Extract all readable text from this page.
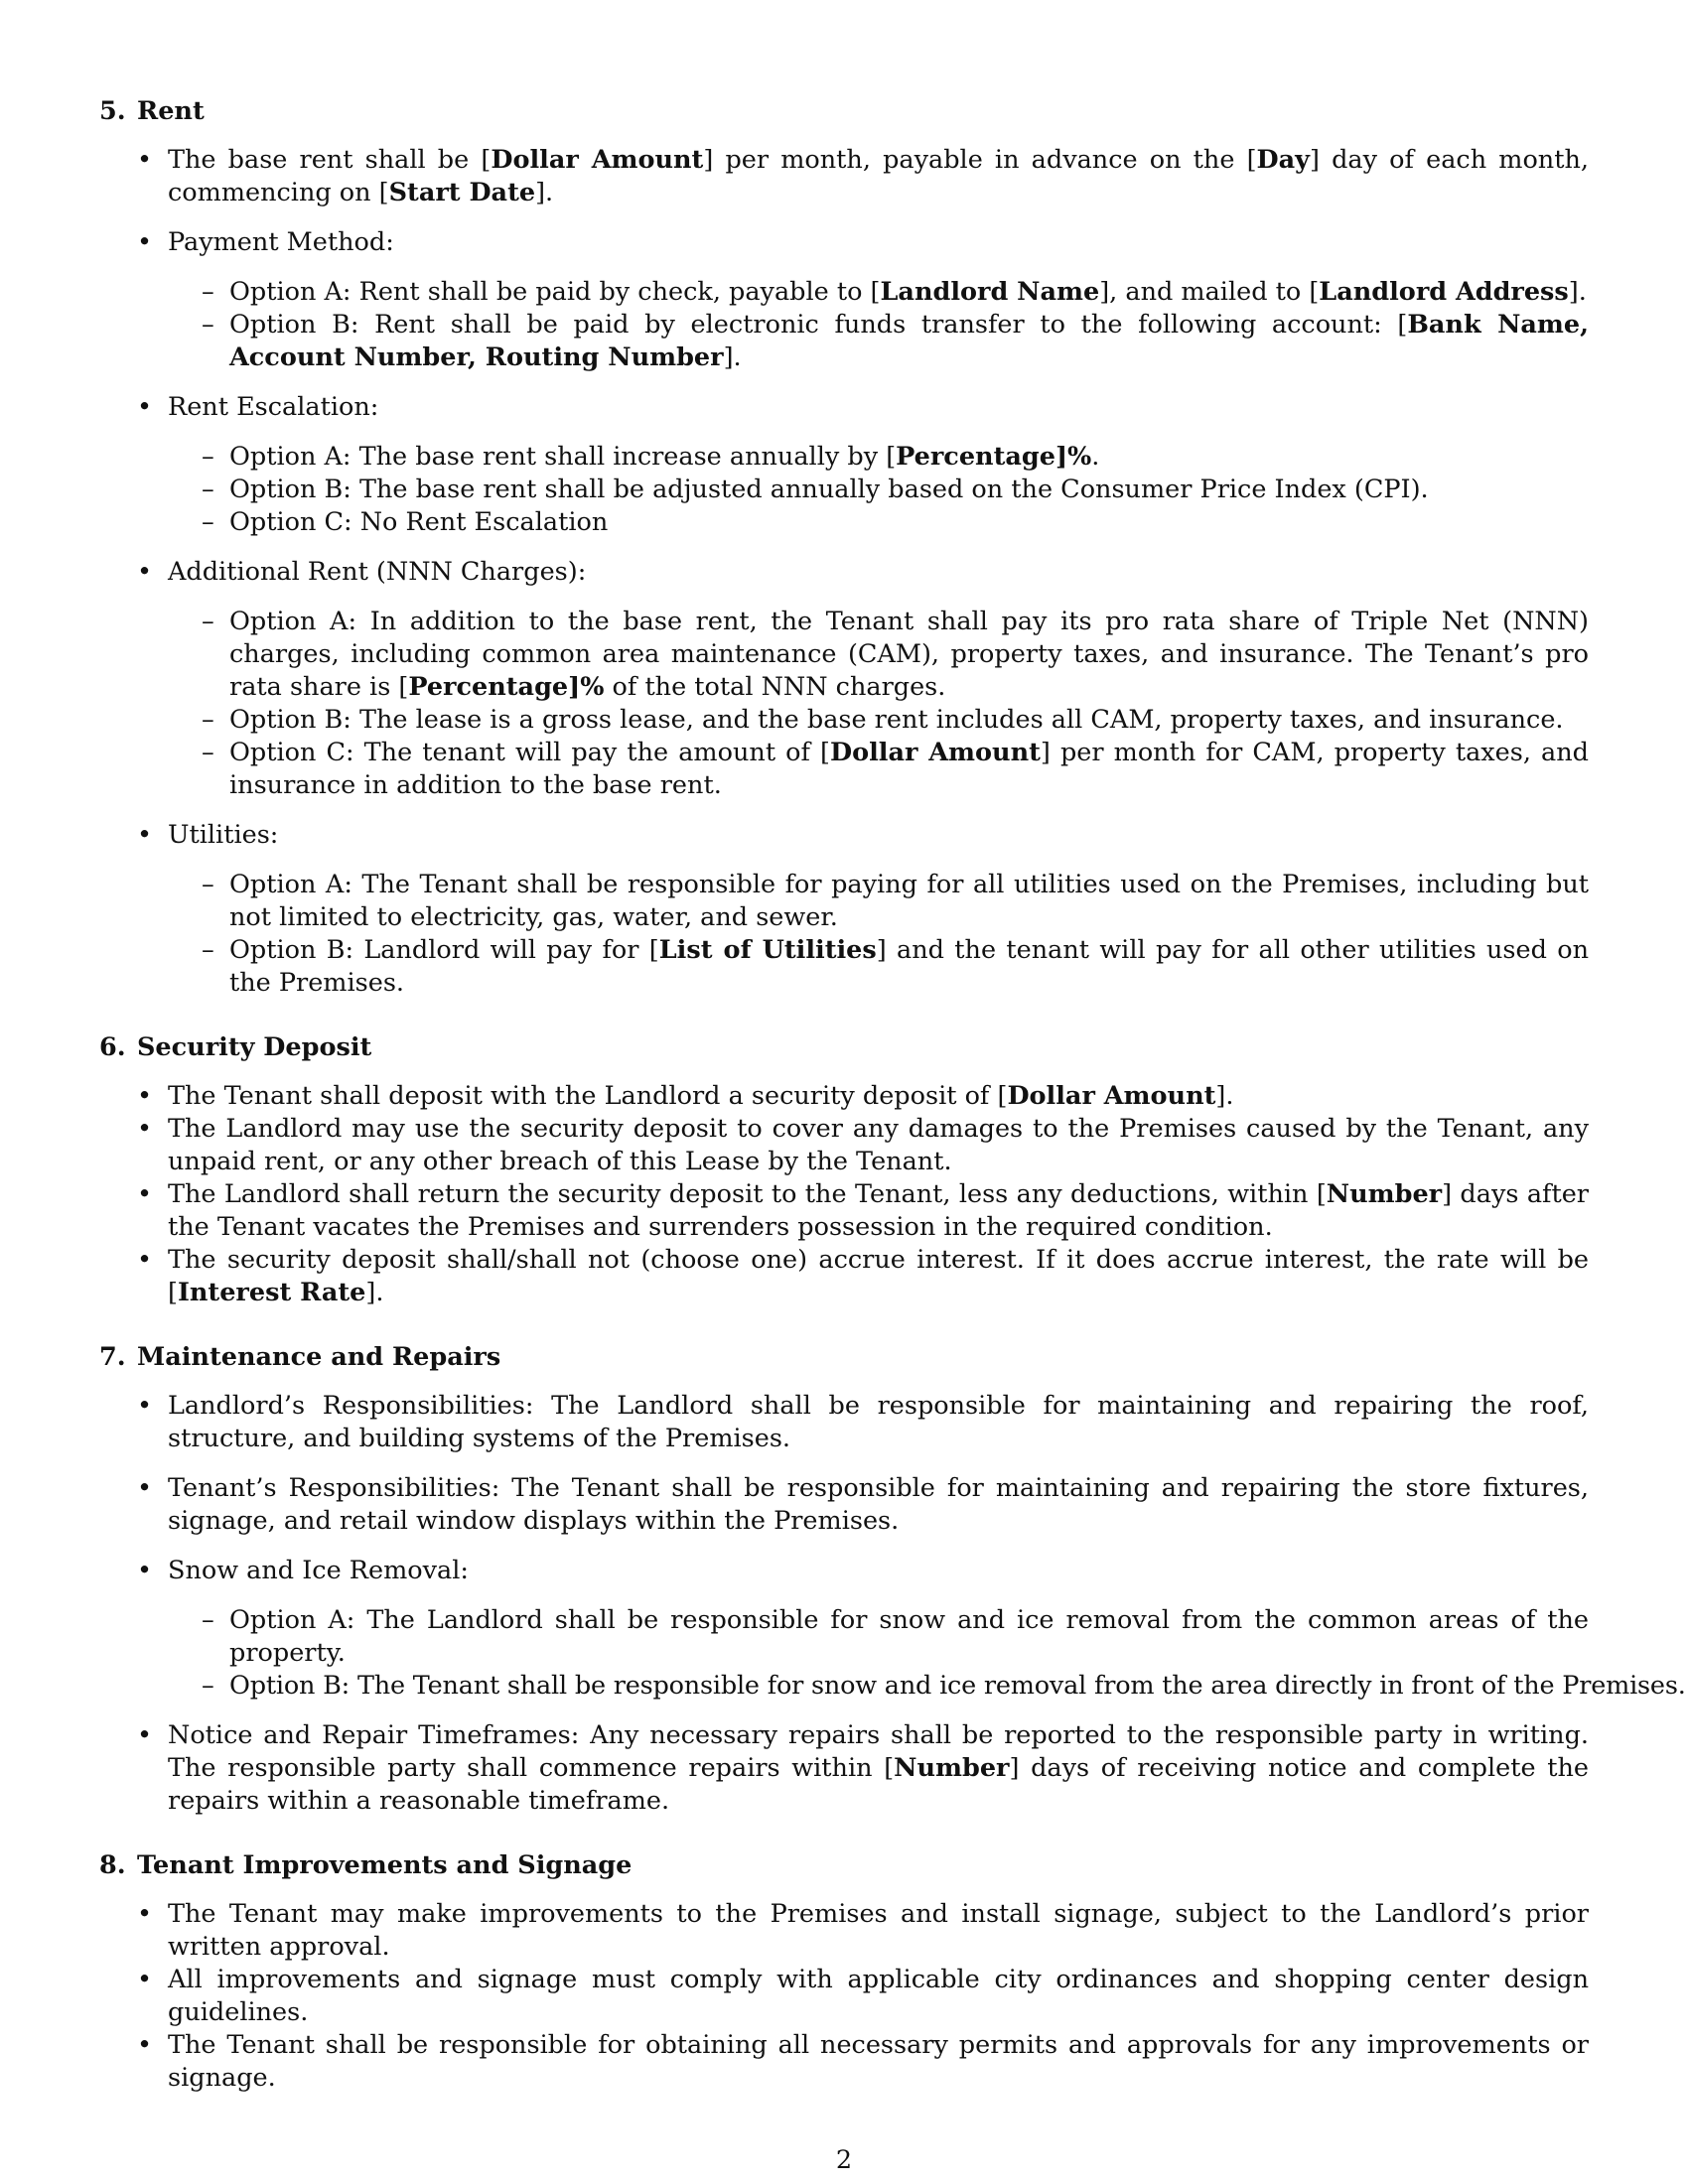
5. Rent
• The base rent shall be [Dollar Amount] per month, payable in advance on the [Day] day of each month, commencing on [Start Date].
• Payment Method:
– Option A: Rent shall be paid by check, payable to [Landlord Name], and mailed to [Landlord Address].
– Option B: Rent shall be paid by electronic funds transfer to the following account: [Bank Name, Account Number, Routing Number].
• Rent Escalation:
– Option A: The base rent shall increase annually by [Percentage]%.
– Option B: The base rent shall be adjusted annually based on the Consumer Price Index (CPI).
– Option C: No Rent Escalation
• Additional Rent (NNN Charges):
– Option A: In addition to the base rent, the Tenant shall pay its pro rata share of Triple Net (NNN) charges, including common area maintenance (CAM), property taxes, and insurance. The Tenant’s pro rata share is [Percentage]% of the total NNN charges.
– Option B: The lease is a gross lease, and the base rent includes all CAM, property taxes, and insurance.
– Option C: The tenant will pay the amount of [Dollar Amount] per month for CAM, property taxes, and insurance in addition to the base rent.
• Utilities:
– Option A: The Tenant shall be responsible for paying for all utilities used on the Premises, including but not limited to electricity, gas, water, and sewer.
– Option B: Landlord will pay for [List of Utilities] and the tenant will pay for all other utilities used on the Premises.
6. Security Deposit
• The Tenant shall deposit with the Landlord a security deposit of [Dollar Amount].
• The Landlord may use the security deposit to cover any damages to the Premises caused by the Tenant, any unpaid rent, or any other breach of this Lease by the Tenant.
• The Landlord shall return the security deposit to the Tenant, less any deductions, within [Number] days after the Tenant vacates the Premises and surrenders possession in the required condition.
• The security deposit shall/shall not (choose one) accrue interest. If it does accrue interest, the rate will be [Interest Rate].
7. Maintenance and Repairs
• Landlord’s Responsibilities: The Landlord shall be responsible for maintaining and repairing the roof, structure, and building systems of the Premises.
• Tenant’s Responsibilities: The Tenant shall be responsible for maintaining and repairing the store fixtures, signage, and retail window displays within the Premises.
• Snow and Ice Removal:
– Option A: The Landlord shall be responsible for snow and ice removal from the common areas of the property.
– Option B: The Tenant shall be responsible for snow and ice removal from the area directly in front of the Premises.
• Notice and Repair Timeframes: Any necessary repairs shall be reported to the responsible party in writing. The responsible party shall commence repairs within [Number] days of receiving notice and complete the repairs within a reasonable timeframe.
8. Tenant Improvements and Signage
• The Tenant may make improvements to the Premises and install signage, subject to the Landlord’s prior written approval.
• All improvements and signage must comply with applicable city ordinances and shopping center design guidelines.
• The Tenant shall be responsible for obtaining all necessary permits and approvals for any improvements or signage.
2
